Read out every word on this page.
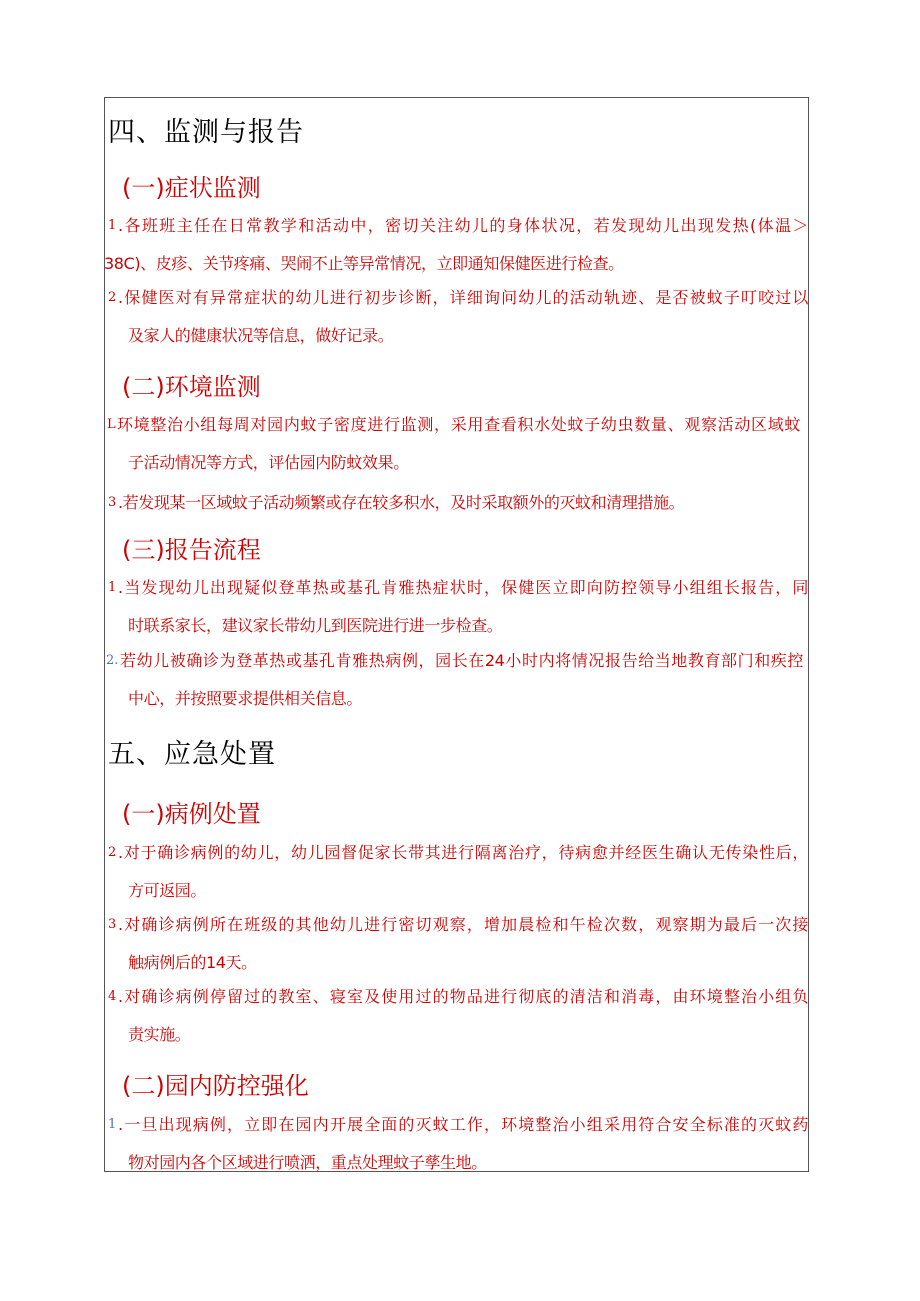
四、监测与报告
(一)症状监测
1 .各班班主任在日常教学和活动中，密切关注幼儿的身体状况，若发现幼儿出现发热(体温＞

38C)、皮疹、关节疼痛、哭闹不止等异常情况，立即通知保健医进行检查。

2 .保健医对有异常症状的幼儿进行初步诊断，详细询问幼儿的活动轨迹、是否被蚊子叮咬过以

及家人的健康状况等信息，做好记录。

(二)环境监测
L 环境整治小组每周对园内蚊子密度进行监测，采用查看积水处蚊子幼虫数量、观察活动区域蚊

子活动情况等方式，评估园内防蚊效果。

3 .若发现某一区域蚊子活动频繁或存在较多积水，及时采取额外的灭蚊和清理措施。

(三)报告流程
1 .当发现幼儿出现疑似登革热或基孔肯雅热症状时，保健医立即向防控领导小组组长报告，同

时联系家长，建议家长带幼儿到医院进行进一步检查。

2. 若幼儿被确诊为登革热或基孔肯雅热病例，园长在24小时内将情况报告给当地教育部门和疾控

中心，并按照要求提供相关信息。

五、应急处置
(一)病例处置
2 .对于确诊病例的幼儿，幼儿园督促家长带其进行隔离治疗，待病愈并经医生确认无传染性后，

方可返园。

3 .对确诊病例所在班级的其他幼儿进行密切观察，增加晨检和午检次数，观察期为最后一次接

触病例后的14天。

4 .对确诊病例停留过的教室、寝室及使用过的物品进行彻底的清洁和消毒，由环境整治小组负

责实施。

(二)园内防控强化
1 .一旦出现病例，立即在园内开展全面的灭蚊工作，环境整治小组采用符合安全标准的灭蚊药

物对园内各个区域进行喷洒，重点处理蚊子孳生地。
